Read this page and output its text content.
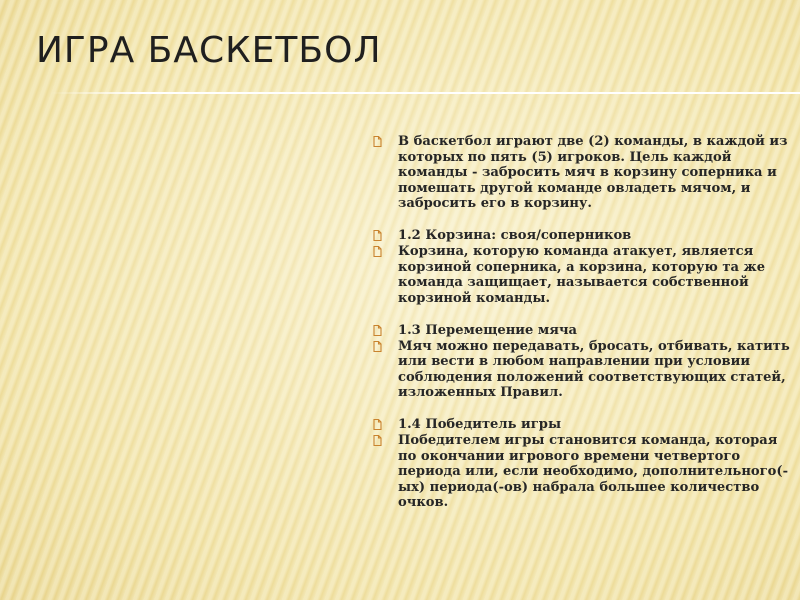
ИГРА БАСКЕТБОЛ
В баскетбол играют две (2) команды, в каждой из которых по пять (5) игроков. Цель каждой команды - забросить мяч в корзину соперника и помешать другой команде овладеть мячом, и забросить его в корзину.
1.2 Корзина: своя/соперников
Корзина, которую команда атакует, является корзиной соперника, а корзина, которую та же команда защищает, называется собственной корзиной команды.
1.3 Перемещение мяча
Мяч можно передавать, бросать, отбивать, катить или вести в любом направлении при условии соблюдения положений соответствующих статей, изложенных Правил.
1.4 Победитель игры
Победителем игры становится команда, которая по окончании игрового времени четвертого периода или, если необходимо, дополнительного(-ых) периода(-ов) набрала большее количество очков.
